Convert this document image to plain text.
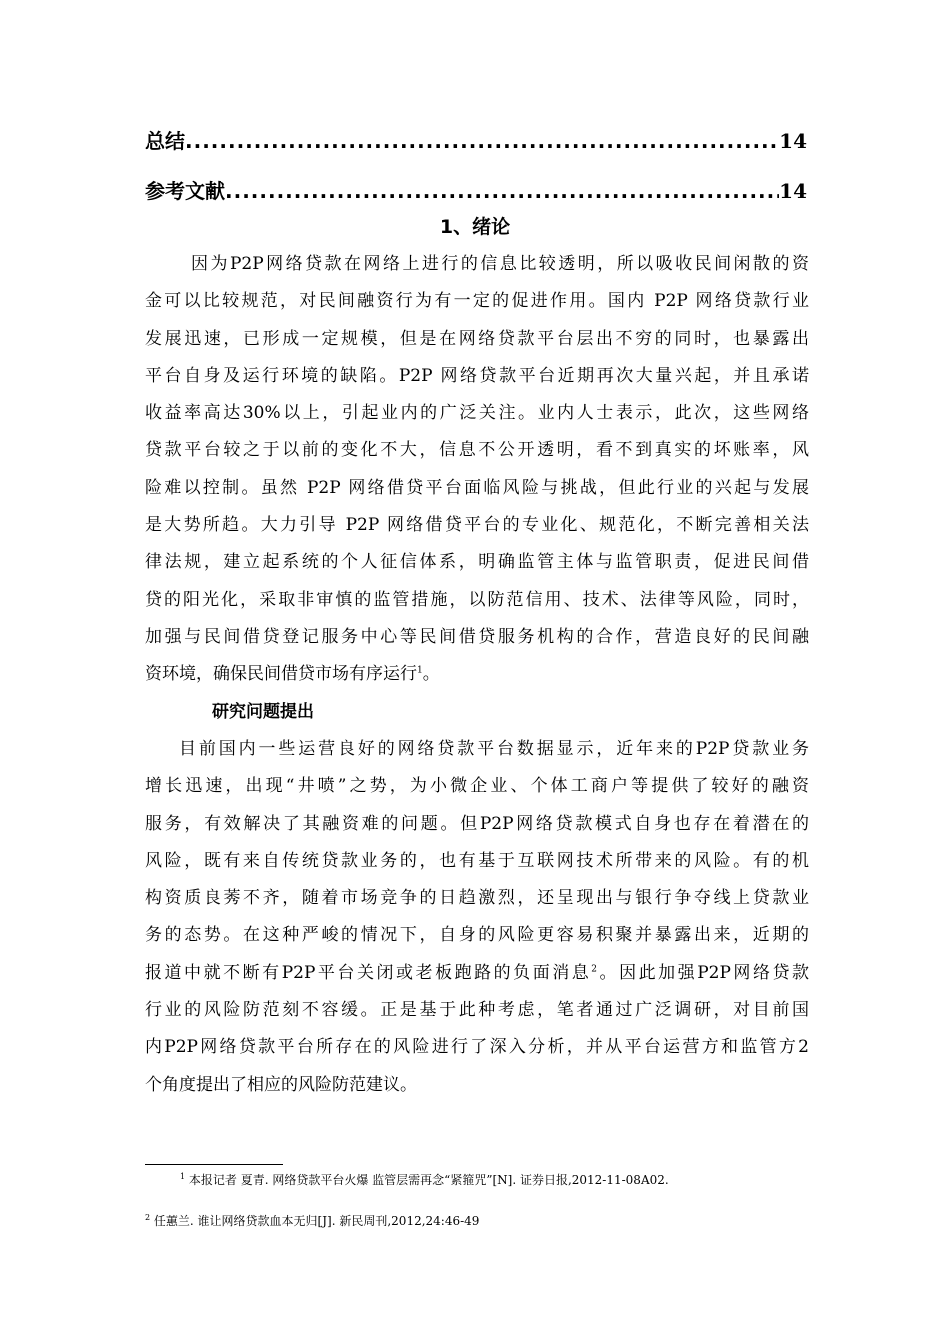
总结 .....	14
参考文献 .....	14
1、绪论
因为P2P网络贷款在网络上进行的信息比较透明，所以吸收民间闲散的资
金可以比较规范，对民间融资行为有一定的促进作用。国内 P2P 网络贷款行业
发展迅速，已形成一定规模，但是在网络贷款平台层出不穷的同时，也暴露出
平台自身及运行环境的缺陷。P2P 网络贷款平台近期再次大量兴起，并且承诺
收益率高达30%以上，引起业内的广泛关注。业内人士表示，此次，这些网络
贷款平台较之于以前的变化不大，信息不公开透明，看不到真实的坏账率，风
险难以控制。虽然 P2P 网络借贷平台面临风险与挑战，但此行业的兴起与发展
是大势所趋。大力引导 P2P 网络借贷平台的专业化、规范化，不断完善相关法
律法规，建立起系统的个人征信体系，明确监管主体与监管职责，促进民间借
贷的阳光化，采取非审慎的监管措施，以防范信用、技术、法律等风险，同时，
加强与民间借贷登记服务中心等民间借贷服务机构的合作，营造良好的民间融
资环境，确保民间借贷市场有序运行$^1$。
研究问题提出
目前国内一些运营良好的网络贷款平台数据显示，近年来的P2P贷款业务
增长迅速，出现“井喷”之势，为小微企业、个体工商户等提供了较好的融资
服务，有效解决了其融资难的问题。但P2P网络贷款模式自身也存在着潜在的
风险，既有来自传统贷款业务的，也有基于互联网技术所带来的风险。有的机
构资质良莠不齐，随着市场竞争的日趋激烈，还呈现出与银行争夺线上贷款业
务的态势。在这种严峻的情况下，自身的风险更容易积聚并暴露出来，近期的
报道中就不断有P2P平台关闭或老板跑路的负面消息$^2$。因此加强P2P网络贷款
行业的风险防范刻不容缓。正是基于此种考虑，笔者通过广泛调研，对目前国
内P2P网络贷款平台所存在的风险进行了深入分析，并从平台运营方和监管方2
个角度提出了相应的风险防范建议。
$^1$ 本报记者 夏青. 网络贷款平台火爆 监管层需再念“紧箍咒”[N]. 证券日报,2012-11-08A02.
$^2$ 任蕙兰. 谁让网络贷款血本无归[J]. 新民周刊,2012,24:46-49
